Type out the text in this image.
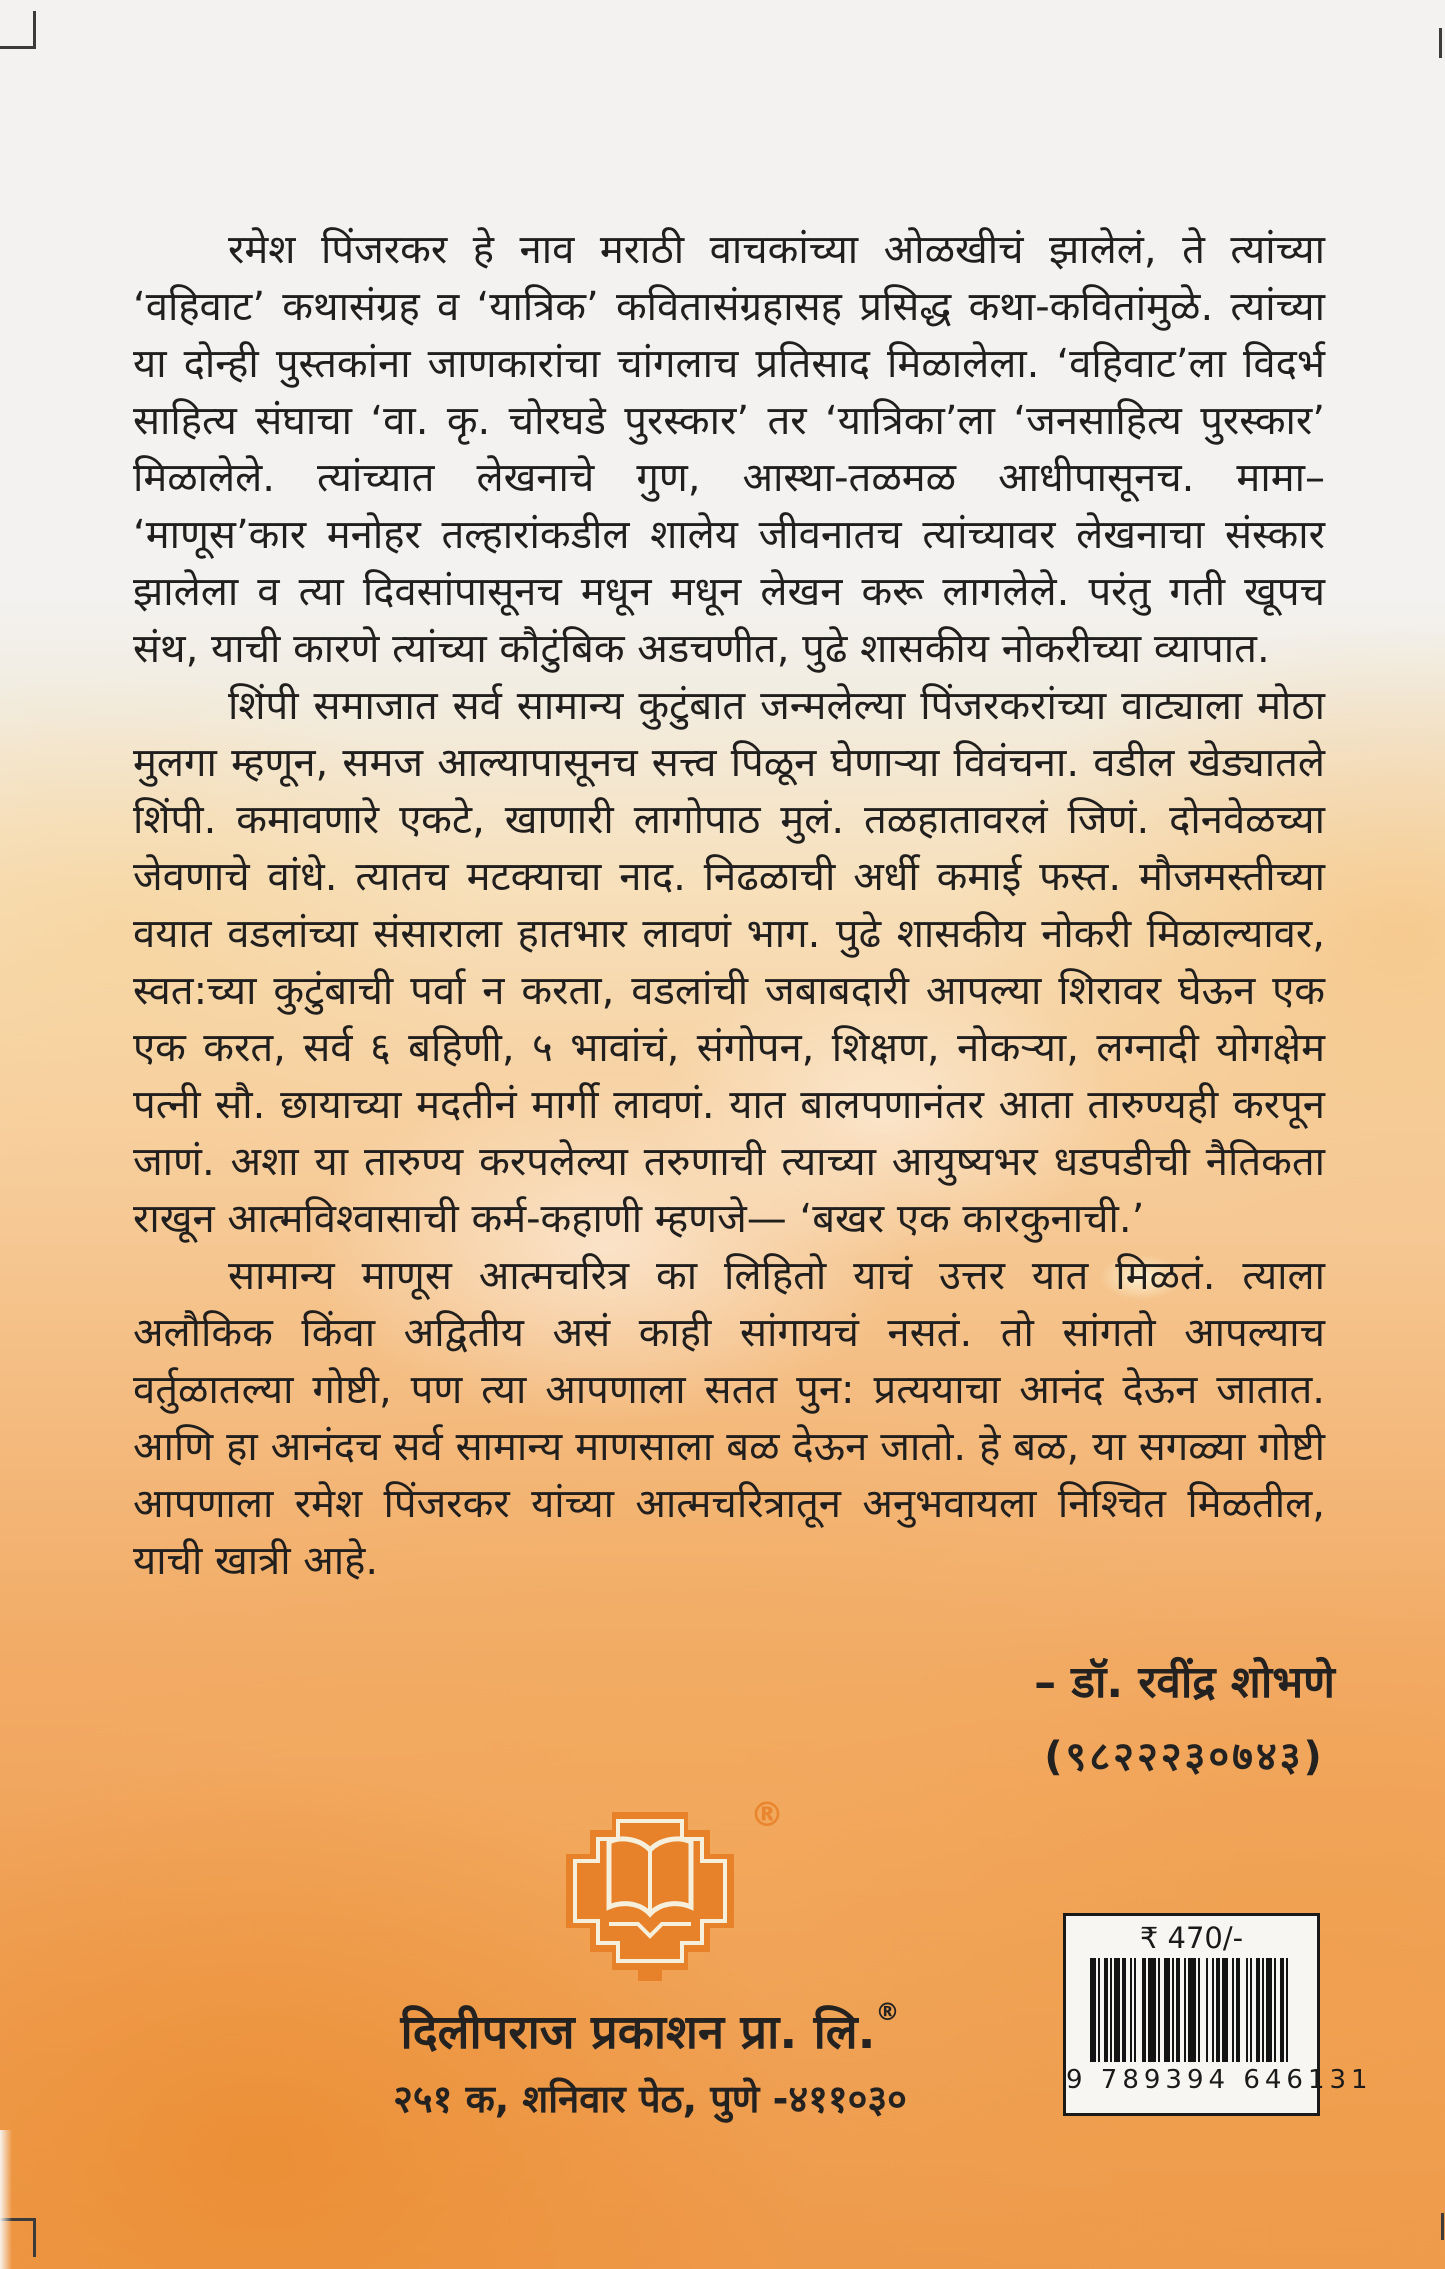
रमेश पिंजरकर हे नाव मराठी वाचकांच्या ओळखीचं झालेलं, ते त्यांच्या ‘वहिवाट’ कथासंग्रह व ‘यात्रिक’ कवितासंग्रहासह प्रसिद्ध कथा-कवितांमुळे. त्यांच्या या दोन्ही पुस्तकांना जाणकारांचा चांगलाच प्रतिसाद मिळालेला. ‘वहिवाट’ला विदर्भ साहित्य संघाचा ‘वा. कृ. चोरघडे पुरस्कार’ तर ‘यात्रिका’ला ‘जनसाहित्य पुरस्कार’ मिळालेले. त्यांच्यात लेखनाचे गुण, आस्था-तळमळ आधीपासूनच. मामा– ‘माणूस’कार मनोहर तल्हारांकडील शालेय जीवनातच त्यांच्यावर लेखनाचा संस्कार झालेला व त्या दिवसांपासूनच मधून मधून लेखन करू लागलेले. परंतु गती खूपच संथ, याची कारणे त्यांच्या कौटुंबिक अडचणीत, पुढे शासकीय नोकरीच्या व्यापात.

शिंपी समाजात सर्व सामान्य कुटुंबात जन्मलेल्या पिंजरकरांच्या वाट्याला मोठा मुलगा म्हणून, समज आल्यापासूनच सत्त्व पिळून घेणाऱ्या विवंचना. वडील खेड्यातले शिंपी. कमावणारे एकटे, खाणारी लागोपाठ मुलं. तळहातावरलं जिणं. दोनवेळच्या जेवणाचे वांधे. त्यातच मटक्याचा नाद. निढळाची अर्धी कमाई फस्त. मौजमस्तीच्या वयात वडलांच्या संसाराला हातभार लावणं भाग. पुढे शासकीय नोकरी मिळाल्यावर, स्वत:च्या कुटुंबाची पर्वा न करता, वडलांची जबाबदारी आपल्या शिरावर घेऊन एक एक करत, सर्व ६ बहिणी, ५ भावांचं, संगोपन, शिक्षण, नोकऱ्या, लग्नादी योगक्षेम पत्नी सौ. छायाच्या मदतीनं मार्गी लावणं. यात बालपणानंतर आता तारुण्यही करपून जाणं. अशा या तारुण्य करपलेल्या तरुणाची त्याच्या आयुष्यभर धडपडीची नैतिकता राखून आत्मविश्वासाची कर्म-कहाणी म्हणजे— ‘बखर एक कारकुनाची.’

सामान्य माणूस आत्मचरित्र का लिहितो याचं उत्तर यात मिळतं. त्याला अलौकिक किंवा अद्वितीय असं काही सांगायचं नसतं. तो सांगतो आपल्याच वर्तुळातल्या गोष्टी, पण त्या आपणाला सतत पुन: प्रत्ययाचा आनंद देऊन जातात. आणि हा आनंदच सर्व सामान्य माणसाला बळ देऊन जातो. हे बळ, या सगळ्या गोष्टी आपणाला रमेश पिंजरकर यांच्या आत्मचरित्रातून अनुभवायला निश्चित मिळतील, याची खात्री आहे.

– डॉ. रवींद्र शोभणे
(९८२२२३०७४३)
®
दिलीपराज प्रकाशन प्रा. लि.®
२५१ क, शनिवार पेठ, पुणे -४११०३०
₹ 470/-
9 789394 646131
